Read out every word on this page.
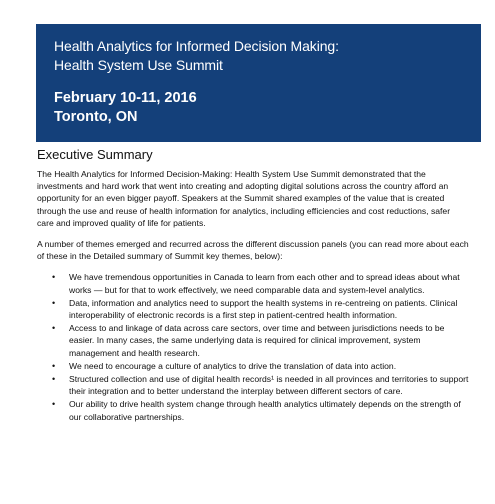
Health Analytics for Informed Decision Making:
Health System Use Summit
February 10-11, 2016
Toronto, ON
Executive Summary

The Health Analytics for Informed Decision-Making: Health System Use Summit demonstrated that the investments and hard work that went into creating and adopting digital solutions across the country afford an opportunity for an even bigger payoff. Speakers at the Summit shared examples of the value that is created through the use and reuse of health information for analytics, including efficiencies and cost reductions, safer care and improved quality of life for patients.

A number of themes emerged and recurred across the different discussion panels (you can read more about each of these in the Detailed summary of Summit key themes, below):

• We have tremendous opportunities in Canada to learn from each other and to spread ideas about what works — but for that to work effectively, we need comparable data and system-level analytics.
• Data, information and analytics need to support the health systems in re-centreing on patients. Clinical interoperability of electronic records is a first step in patient-centred health information.
• Access to and linkage of data across care sectors, over time and between jurisdictions needs to be easier. In many cases, the same underlying data is required for clinical improvement, system management and health research.
• We need to encourage a culture of analytics to drive the translation of data into action.
• Structured collection and use of digital health records¹ is needed in all provinces and territories to support their integration and to better understand the interplay between different sectors of care.
• Our ability to drive health system change through health analytics ultimately depends on the strength of our collaborative partnerships.
